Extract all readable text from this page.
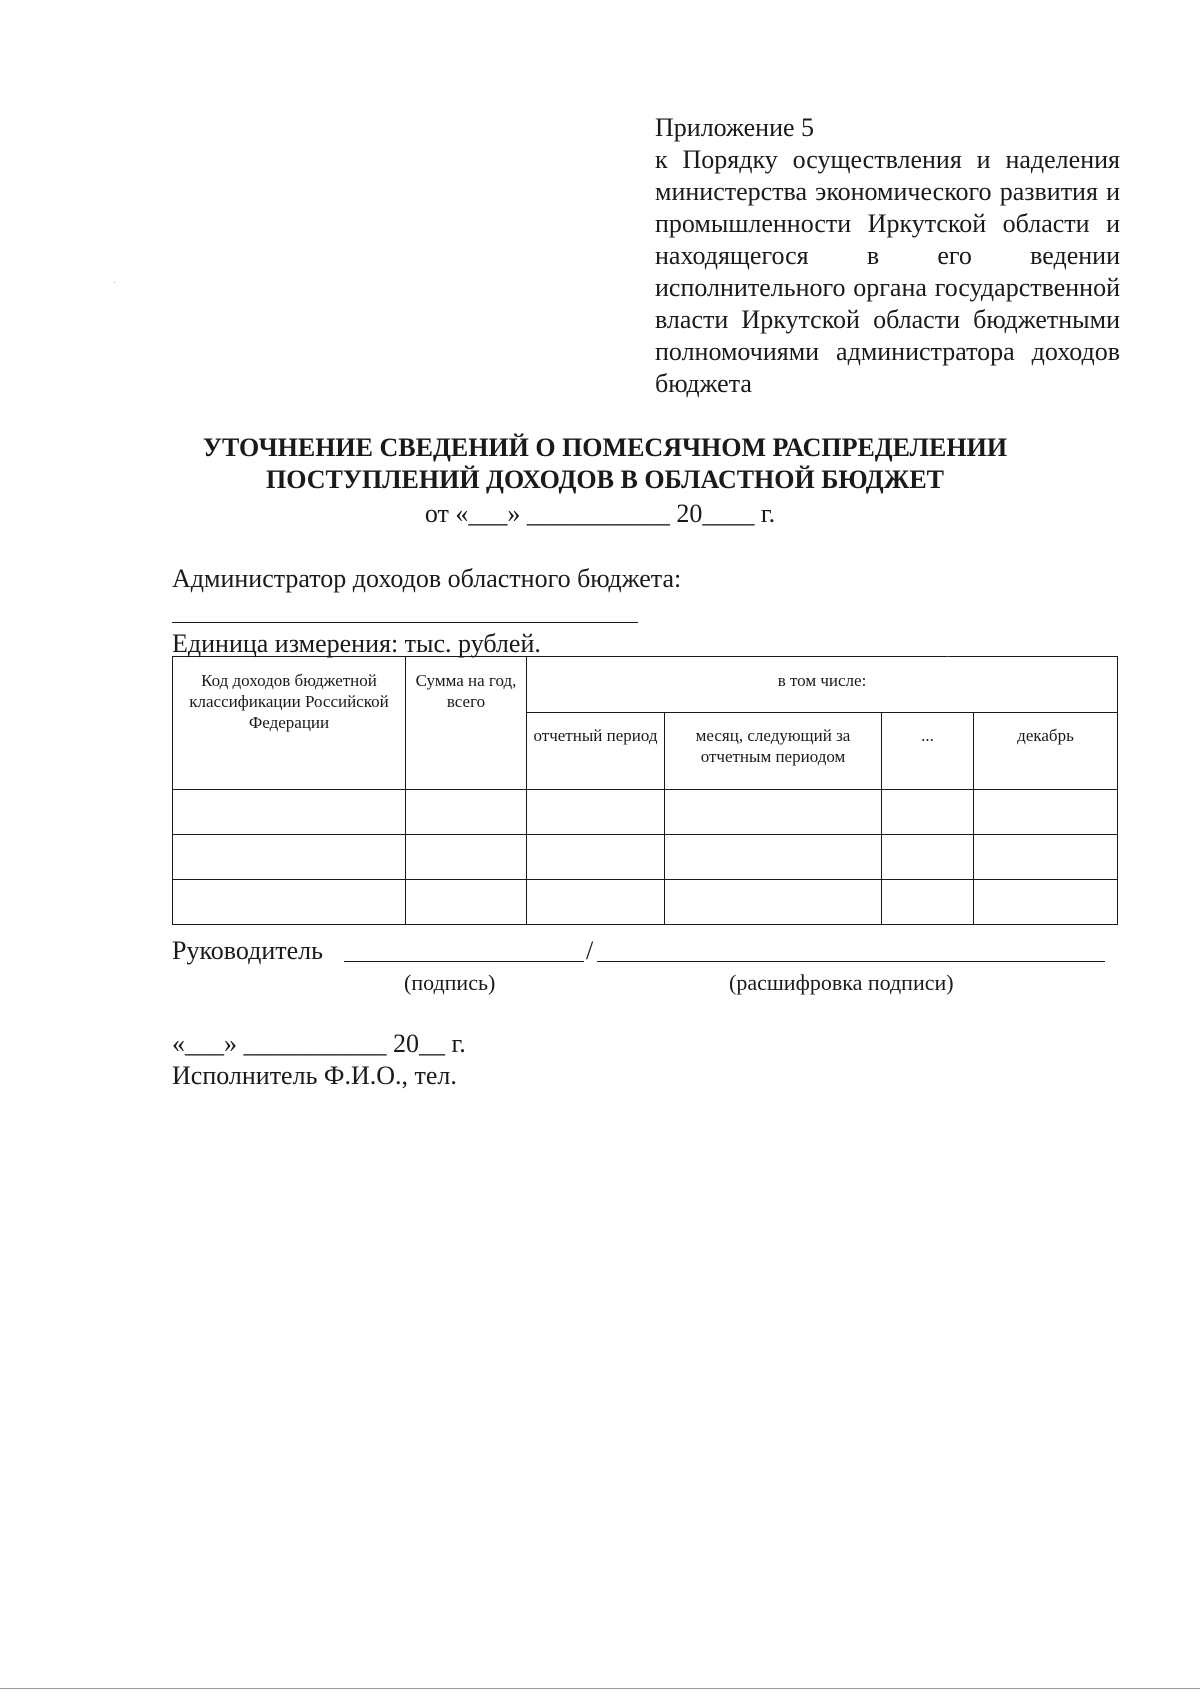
Приложение 5
к Порядку осуществления и наделения министерства экономического развития и промышленности Иркутской области и находящегося в его ведении исполнительного органа государственной власти Иркутской области бюджетными полномочиями администратора доходов бюджета
УТОЧНЕНИЕ СВЕДЕНИЙ О ПОМЕСЯЧНОМ РАСПРЕДЕЛЕНИИ
ПОСТУПЛЕНИЙ ДОХОДОВ В ОБЛАСТНОЙ БЮДЖЕТ
от «___» ___________ 20____ г.
Администратор доходов областного бюджета:
Единица измерения: тыс. рублей.
Код доходов бюджетной классификации Российской Федерации	Сумма на год, всего	в том числе:			
		отчетный период	месяц, следующий за отчетным периодом	...	декабрь

Руководитель	/
(подпись)	(расшифровка подписи)
«___» ___________ 20__ г.
Исполнитель Ф.И.О., тел.
·
´
